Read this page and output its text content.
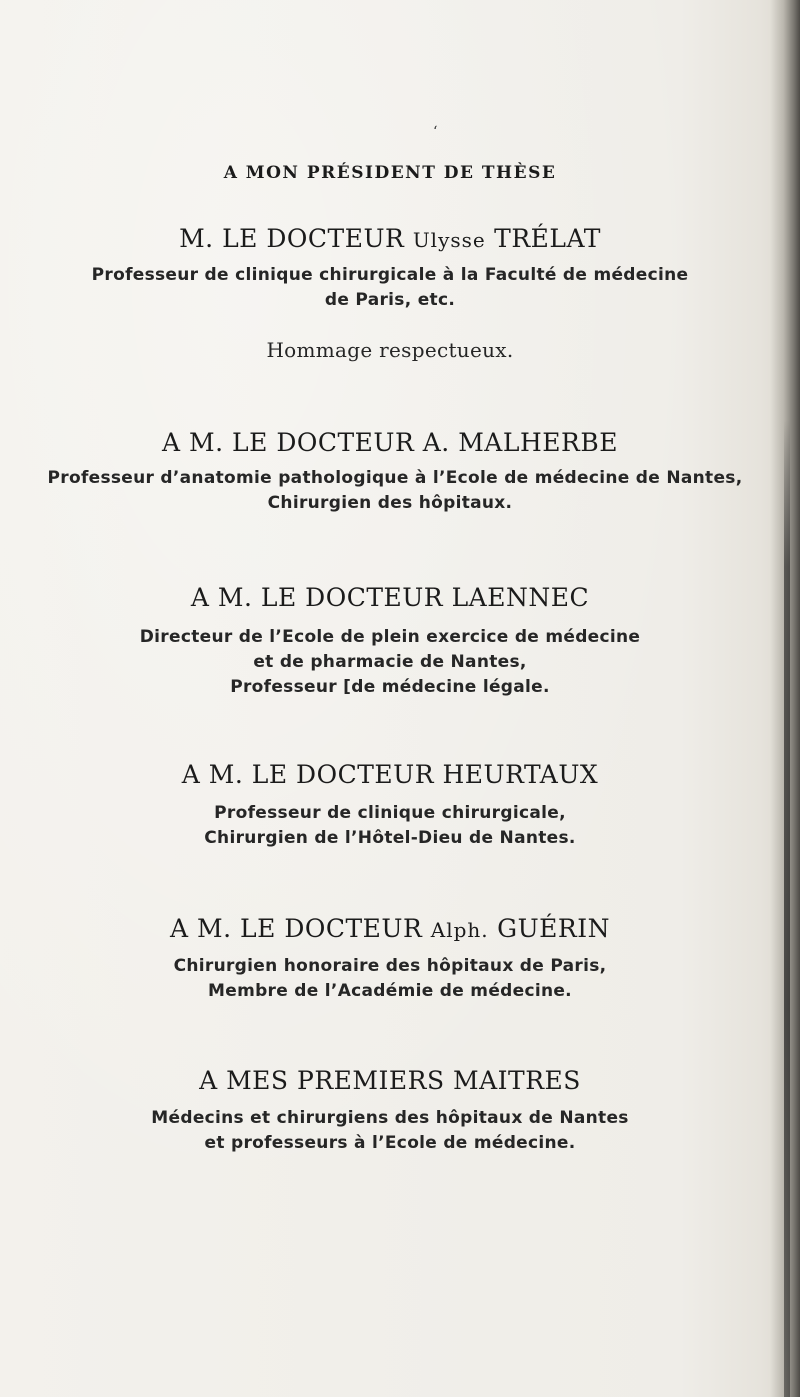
‘
A MON PRÉSIDENT DE THÈSE
M. LE DOCTEUR Ulysse TRÉLAT
Professeur de clinique chirurgicale à la Faculté de médecine
de Paris, etc.
Hommage respectueux.
A M. LE DOCTEUR A. MALHERBE
Professeur d’anatomie pathologique à l’Ecole de médecine de Nantes,
Chirurgien des hôpitaux.
A M. LE DOCTEUR LAENNEC
Directeur de l’Ecole de plein exercice de médecine
et de pharmacie de Nantes,
Professeur [de médecine légale.
A M. LE DOCTEUR HEURTAUX
Professeur de clinique chirurgicale,
Chirurgien de l’Hôtel-Dieu de Nantes.
A M. LE DOCTEUR Alph. GUÉRIN
Chirurgien honoraire des hôpitaux de Paris,
Membre de l’Académie de médecine.
A MES PREMIERS MAITRES
Médecins et chirurgiens des hôpitaux de Nantes
et professeurs à l’Ecole de médecine.
